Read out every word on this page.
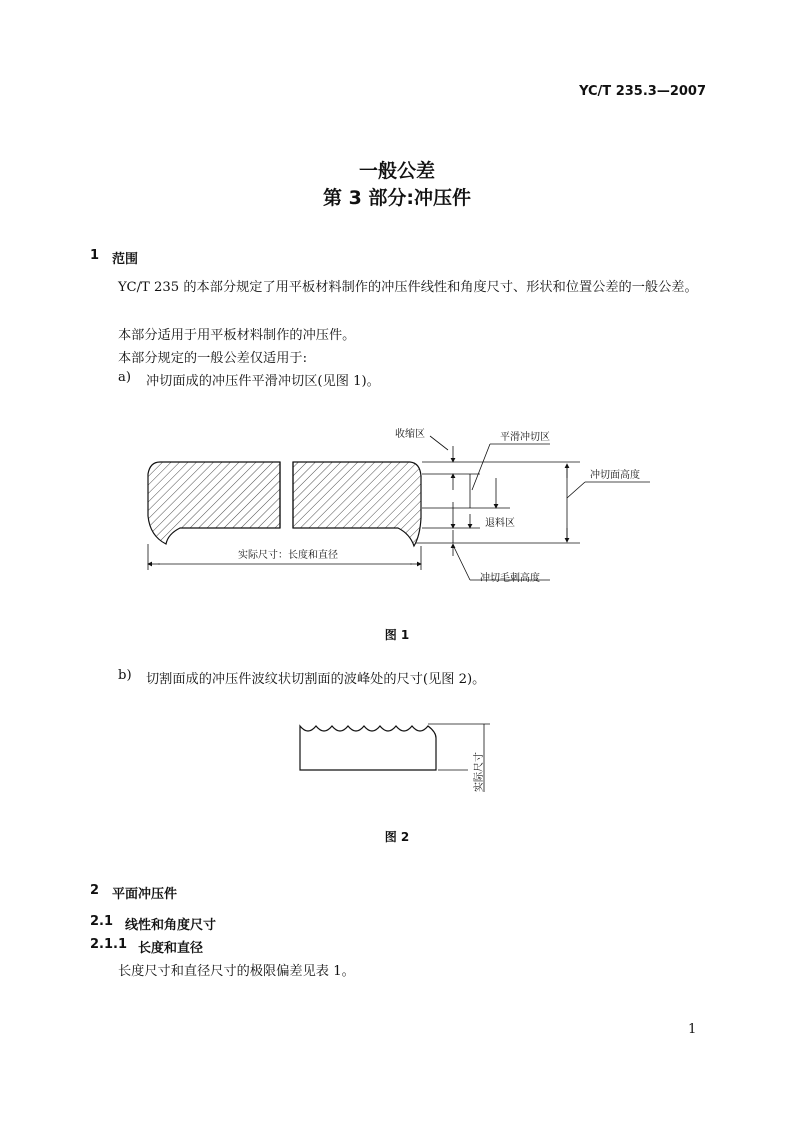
YC/T 235.3—2007
一般公差
第 3 部分:冲压件
1 范围
YC/T 235 的本部分规定了用平板材料制作的冲压件线性和角度尺寸、形状和位置公差的一般公差。
本部分适用于用平板材料制作的冲压件。
本部分规定的一般公差仅适用于:
a) 冲切面成的冲压件平滑冲切区(见图 1)。
收缩区	平滑冲切区
冲切面高度
退料区
实际尺寸：长度和直径
冲切毛刺高度
图 1
b) 切割面成的冲压件波纹状切割面的波峰处的尺寸(见图 2)。
实际尺寸
图 2
2 平面冲压件
2.1 线性和角度尺寸
2.1.1 长度和直径
长度尺寸和直径尺寸的极限偏差见表 1。
1
